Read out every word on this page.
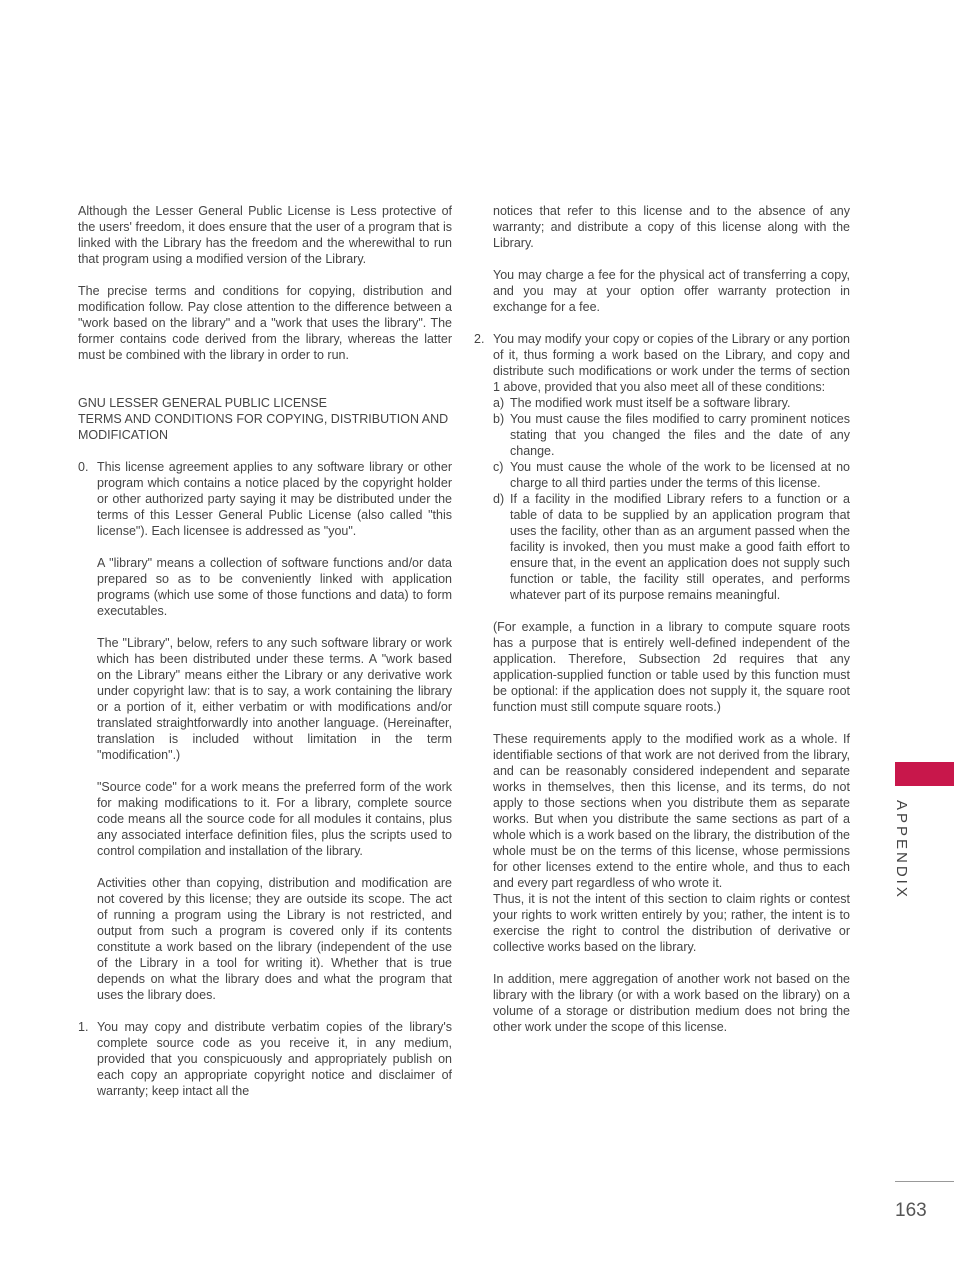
Although the Lesser General Public License is Less protective of the users' freedom, it does ensure that the user of a program that is linked with the Library has the freedom and the wherewithal to run that program using a modified version of the Library.

The precise terms and conditions for copying, distribution and modification follow. Pay close attention to the difference between a "work based on the library" and a "work that uses the library". The former contains code derived from the library, whereas the latter must be combined with the library in order to run.

GNU LESSER GENERAL PUBLIC LICENSE

TERMS AND CONDITIONS FOR COPYING, DISTRIBUTION AND MODIFICATION

0. This license agreement applies to any software library or other program which contains a notice placed by the copyright holder or other authorized party saying it may be distributed under the terms of this Lesser General Public License (also called "this license"). Each licensee is addressed as "you".

A "library" means a collection of software functions and/or data prepared so as to be conveniently linked with application programs (which use some of those functions and data) to form executables.

The "Library", below, refers to any such software library or work which has been distributed under these terms. A "work based on the Library" means either the Library or any derivative work under copyright law: that is to say, a work containing the library or a portion of it, either verbatim or with modifications and/or translated straightforwardly into another language. (Hereinafter, translation is included without limitation in the term "modification".)

"Source code" for a work means the preferred form of the work for making modifications to it. For a library, complete source code means all the source code for all modules it contains, plus any associated interface definition files, plus the scripts used to control compilation and installation of the library.

Activities other than copying, distribution and modification are not covered by this license; they are outside its scope. The act of running a program using the Library is not restricted, and output from such a program is covered only if its contents constitute a work based on the library (independent of the use of the Library in a tool for writing it). Whether that is true depends on what the library does and what the program that uses the library does.

1. You may copy and distribute verbatim copies of the library's complete source code as you receive it, in any medium, provided that you conspicuously and appropriately publish on each copy an appropriate copyright notice and disclaimer of warranty; keep intact all the

notices that refer to this license and to the absence of any warranty; and distribute a copy of this license along with the Library.

You may charge a fee for the physical act of transferring a copy, and you may at your option offer warranty protection in exchange for a fee.

2. You may modify your copy or copies of the Library or any portion of it, thus forming a work based on the Library, and copy and distribute such modifications or work under the terms of section 1 above, provided that you also meet all of these conditions:

a) The modified work must itself be a software library.

b) You must cause the files modified to carry prominent notices stating that you changed the files and the date of any change.

c) You must cause the whole of the work to be licensed at no charge to all third parties under the terms of this license.

d) If a facility in the modified Library refers to a function or a table of data to be supplied by an application program that uses the facility, other than as an argument passed when the facility is invoked, then you must make a good faith effort to ensure that, in the event an application does not supply such function or table, the facility still operates, and performs whatever part of its purpose remains meaningful.

(For example, a function in a library to compute square roots has a purpose that is entirely well-defined independent of the application. Therefore, Subsection 2d requires that any application-supplied function or table used by this function must be optional: if the application does not supply it, the square root function must still compute square roots.)

These requirements apply to the modified work as a whole. If identifiable sections of that work are not derived from the library, and can be reasonably considered independent and separate works in themselves, then this license, and its terms, do not apply to those sections when you distribute them as separate works. But when you distribute the same sections as part of a whole which is a work based on the library, the distribution of the whole must be on the terms of this license, whose permissions for other licenses extend to the entire whole, and thus to each and every part regardless of who wrote it.

Thus, it is not the intent of this section to claim rights or contest your rights to work written entirely by you; rather, the intent is to exercise the right to control the distribution of derivative or collective works based on the library.

In addition, mere aggregation of another work not based on the library with the library (or with a work based on the library) on a volume of a storage or distribution medium does not bring the other work under the scope of this license.

APPENDIX
163
